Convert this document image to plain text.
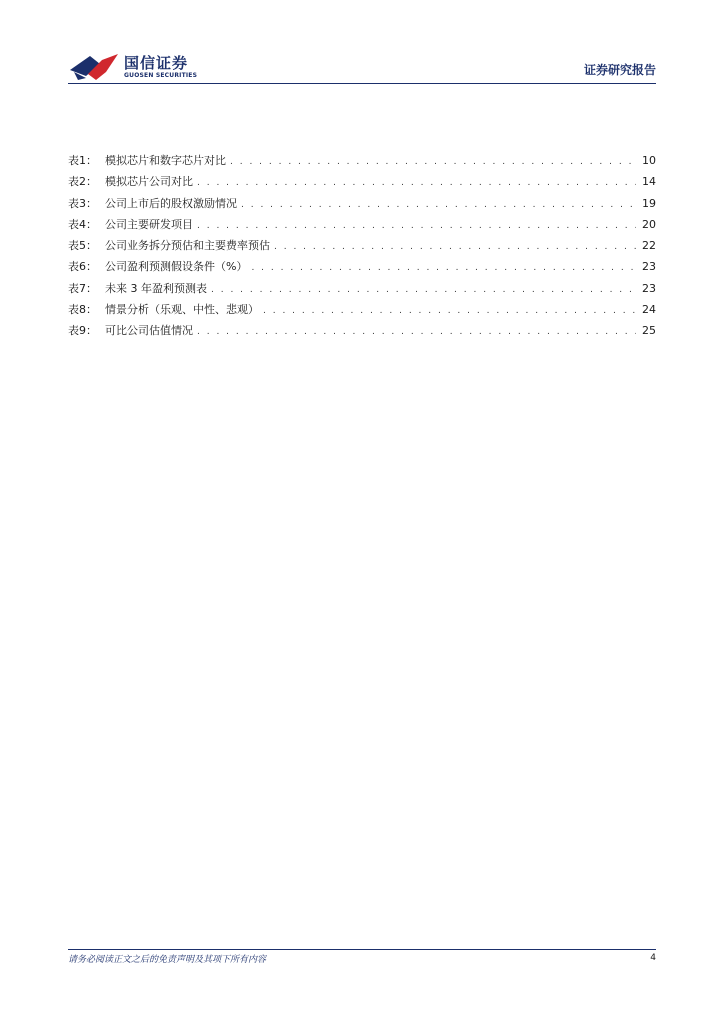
国信证券
GUOSEN SECURITIES	证券研究报告
表1： 模拟芯片和数字芯片对比 . . .	10
表2： 模拟芯片公司对比 . . .	14
表3： 公司上市后的股权激励情况 . . .	19
表4： 公司主要研发项目 . . .	20
表5： 公司业务拆分预估和主要费率预估 . . .	22
表6： 公司盈利预测假设条件（%） . . .	23
表7： 未来 3 年盈利预测表 . . .	23
表8： 情景分析（乐观、中性、悲观） . . .	24
表9： 可比公司估值情况 . . .	25
请务必阅读正文之后的免责声明及其项下所有内容	4
